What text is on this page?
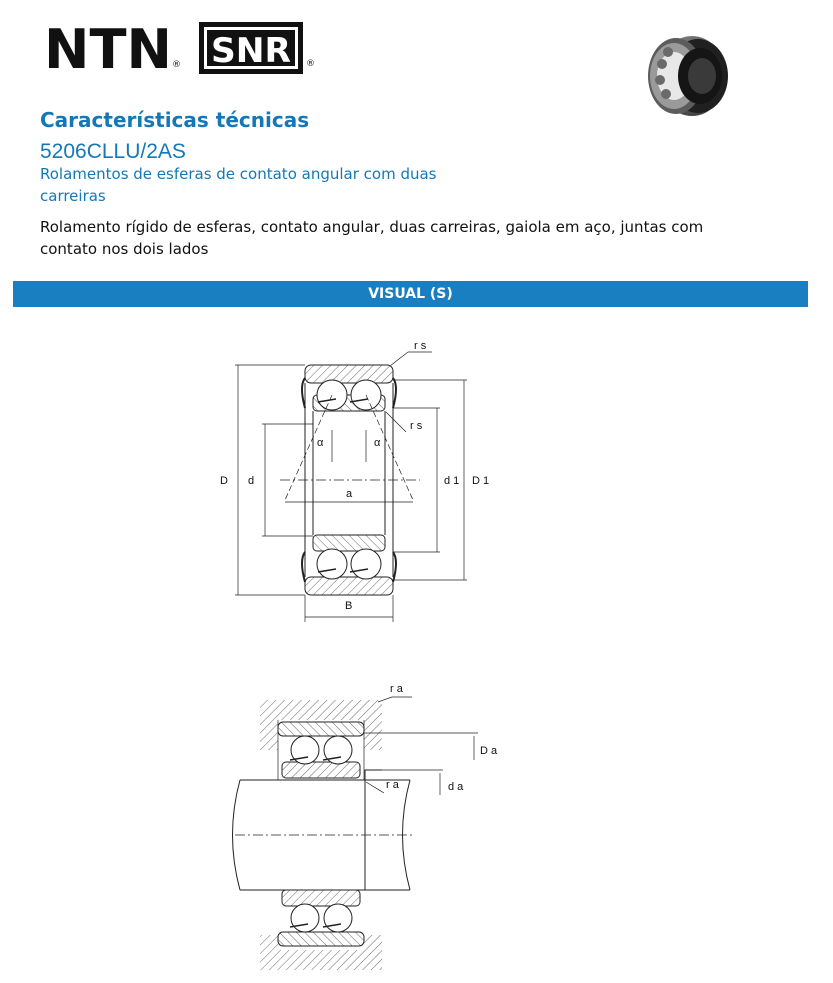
NTN ® SNR ®
Características técnicas
5206CLLU/2AS
Rolamentos de esferas de contato angular com duas carreiras
Rolamento rígido de esferas, contato angular, duas carreiras, gaiola em aço, juntas com contato nos dois lados
VISUAL (S)
r s
r s
α	α
D d
a
d 1 D 1
B
r a
r a
D a
d a
